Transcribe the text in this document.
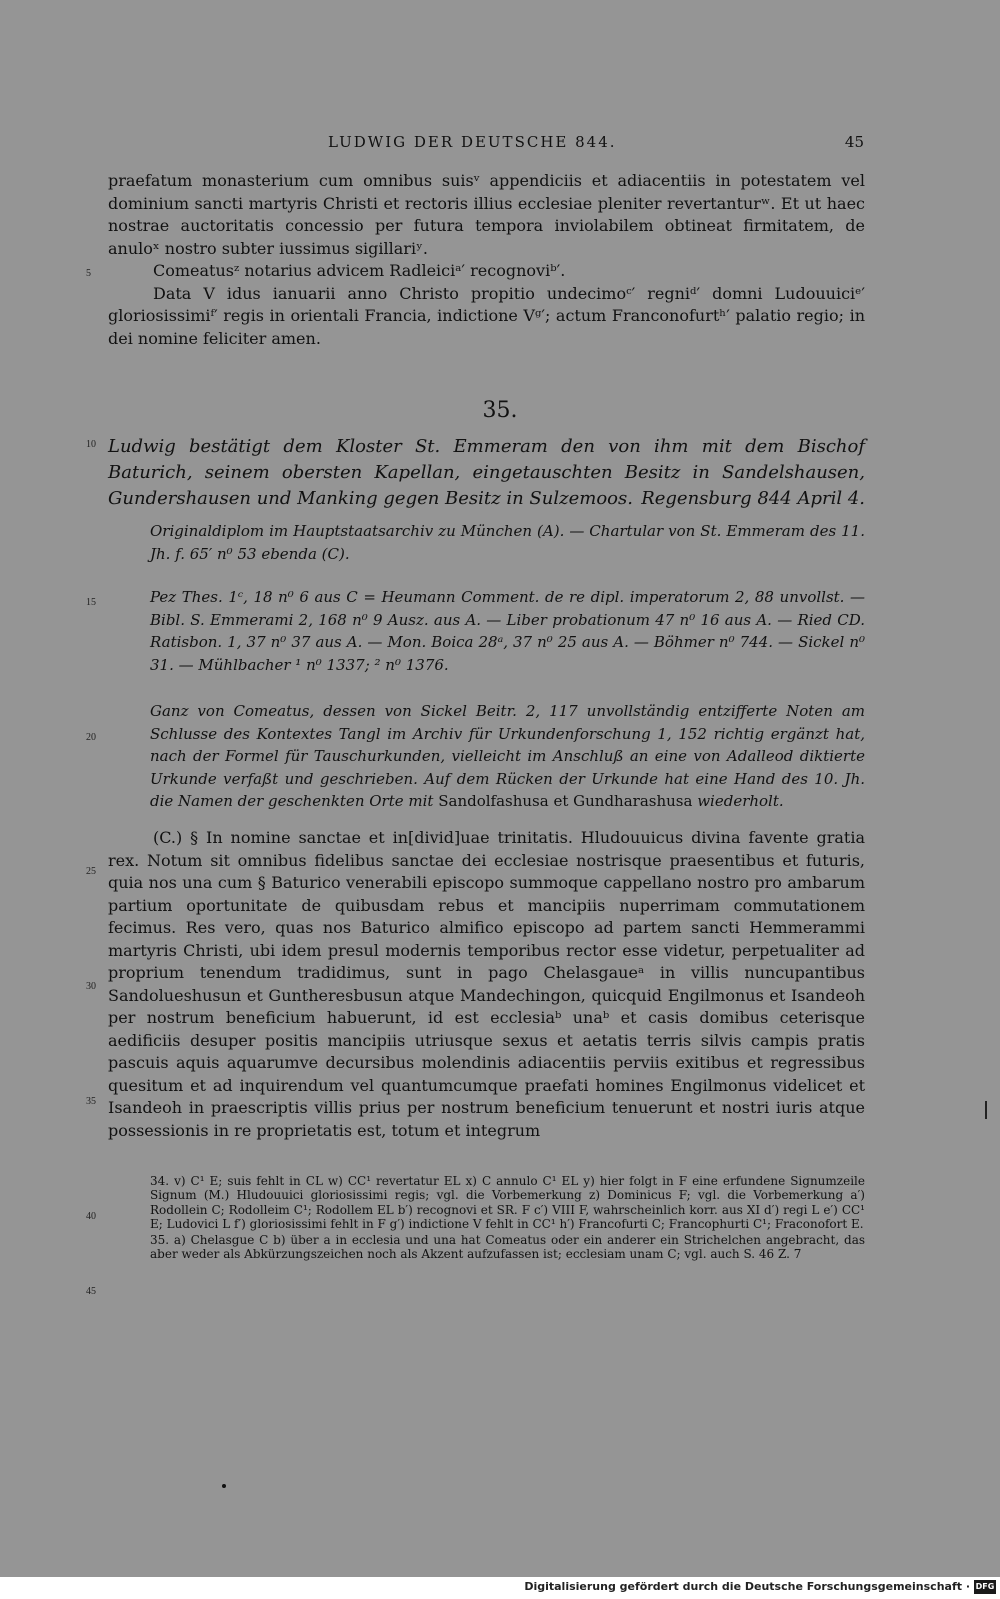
LUDWIG DER DEUTSCHE 844.	45
5
10
15
20
25
30
35
40
45

praefatum monasterium cum omnibus suisᵛ appendiciis et adiacentiis in potestatem vel dominium sancti martyris Christi et rectoris illius ecclesiae pleniter revertanturʷ. Et ut haec nostrae auctoritatis concessio per futura tempora inviolabilem obtineat firmitatem, de anuloˣ nostro subter iussimus sigillariʸ.

Comeatusᶻ notarius advicem Radleiciᵃ′ recognoviᵇ′.

Data V idus ianuarii anno Christo propitio undecimoᶜ′ regniᵈ′ domni Ludouuiciᵉ′ gloriosissimiᶠ′ regis in orientali Francia, indictione Vᵍ′; actum Franconofurtʰ′ palatio regio; in dei nomine feliciter amen.

35.
Ludwig bestätigt dem Kloster St. Emmeram den von ihm mit dem Bischof Baturich, seinem obersten Kapellan, eingetauschten Besitz in Sandelshausen, Gundershausen und Manking gegen Besitz in Sulzemoos. Regensburg 844 April 4.
Originaldiplom im Hauptstaatsarchiv zu München (A). — Chartular von St. Emmeram des 11. Jh. f. 65′ n⁰ 53 ebenda (C).
Pez Thes. 1ᶜ, 18 n⁰ 6 aus C = Heumann Comment. de re dipl. imperatorum 2, 88 unvollst. — Bibl. S. Emmerami 2, 168 n⁰ 9 Ausz. aus A. — Liber probationum 47 n⁰ 16 aus A. — Ried CD. Ratisbon. 1, 37 n⁰ 37 aus A. — Mon. Boica 28ᵃ, 37 n⁰ 25 aus A. — Böhmer n⁰ 744. — Sickel n⁰ 31. — Mühlbacher ¹ n⁰ 1337; ² n⁰ 1376.
Ganz von Comeatus, dessen von Sickel Beitr. 2, 117 unvollständig entzifferte Noten am Schlusse des Kontextes Tangl im Archiv für Urkundenforschung 1, 152 richtig ergänzt hat, nach der Formel für Tauschurkunden, vielleicht im Anschluß an eine von Adalleod diktierte Urkunde verfaßt und geschrieben. Auf dem Rücken der Urkunde hat eine Hand des 10. Jh. die Namen der geschenkten Orte mit Sandolfashusa et Gundharashusa wiederholt.

(C.) § In nomine sanctae et in[divid]uae trinitatis. Hludouuicus divina favente gratia rex. Notum sit omnibus fidelibus sanctae dei ecclesiae nostrisque praesentibus et futuris, quia nos una cum § Baturico venerabili episcopo summoque cappellano nostro pro ambarum partium oportunitate de quibusdam rebus et mancipiis nuperrimam commutationem fecimus. Res vero, quas nos Baturico almifico episcopo ad partem sancti Hemmerammi martyris Christi, ubi idem presul modernis temporibus rector esse videtur, perpetualiter ad proprium tenendum tradidimus, sunt in pago Chelasgaueᵃ in villis nuncupantibus Sandolueshusun et Guntheresbusun atque Mandechingon, quicquid Engilmonus et Isandeoh per nostrum beneficium habuerunt, id est ecclesiaᵇ unaᵇ et casis domibus ceterisque aedificiis desuper positis mancipiis utriusque sexus et aetatis terris silvis campis pratis pascuis aquis aquarumve decursibus molendinis adiacentiis perviis exitibus et regressibus quesitum et ad inquirendum vel quantumcumque praefati homines Engilmonus videlicet et Isandeoh in praescriptis villis prius per nostrum beneficium tenuerunt et nostri iuris atque possessionis in re proprietatis est, totum et integrum

34. v) C¹ E; suis fehlt in CL w) CC¹ revertatur EL x) C annulo C¹ EL y) hier folgt in F eine erfundene Signumzeile Signum (M.) Hludouuici gloriosissimi regis; vgl. die Vorbemerkung z) Dominicus F; vgl. die Vorbemerkung a′) Rodollein C; Rodolleim C¹; Rodollem EL b′) recognovi et SR. F c′) VIII F, wahrscheinlich korr. aus XI d′) regi L e′) CC¹ E; Ludovici L f′) gloriosissimi fehlt in F g′) indictione V fehlt in CC¹ h′) Francofurti C; Francophurti C¹; Fraconofort E.

35. a) Chelasgue C b) über a in ecclesia und una hat Comeatus oder ein anderer ein Strichelchen angebracht, das aber weder als Abkürzungszeichen noch als Akzent aufzufassen ist; ecclesiam unam C; vgl. auch S. 46 Z. 7

Digitalisierung gefördert durch die Deutsche Forschungsgemeinschaft · DFG
